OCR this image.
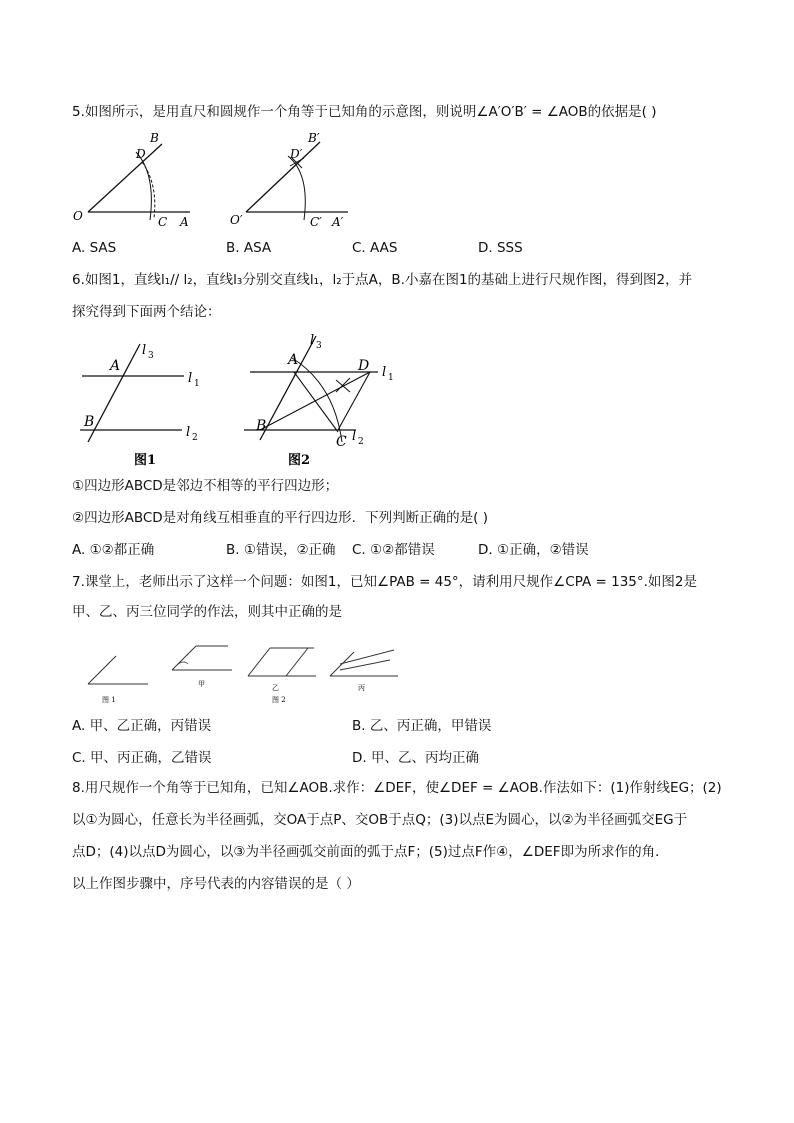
5.如图所示，是用直尺和圆规作一个角等于已知角的示意图，则说明∠A′O′B′ = ∠AOB的依据是( )
B
D
O	C A
B′
D′
O′	C′ A′
A. SAS	B. ASA	C. AAS	D. SSS
6.如图1，直线l₁// l₂，直线l₃分别交直线l₁，l₂于点A，B.小嘉在图1的基础上进行尺规作图，得到图2，并
探究得到下面两个结论：
A
B
l 3
l 1
l 2
图1
A
B
C
D
l 3
l 1
l 2
图2
①四边形ABCD是邻边不相等的平行四边形；
②四边形ABCD是对角线互相垂直的平行四边形．下列判断正确的是( )
A. ①②都正确	B. ①错误，②正确 C. ①②都错误	D. ①正确，②错误
7.课堂上，老师出示了这样一个问题：如图1，已知∠PAB = 45°，请利用尺规作∠CPA = 135°.如图2是
甲、乙、丙三位同学的作法，则其中正确的是
图 1
甲	乙
图 2
丙
A. 甲、乙正确，丙错误	B. 乙、丙正确，甲错误
C. 甲、丙正确，乙错误	D. 甲、乙、丙均正确
8.用尺规作一个角等于已知角，已知∠AOB.求作：∠DEF，使∠DEF = ∠AOB.作法如下：(1)作射线EG；(2)
以①为圆心，任意长为半径画弧，交OA于点P、交OB于点Q；(3)以点E为圆心，以②为半径画弧交EG于
点D；(4)以点D为圆心，以③为半径画弧交前面的弧于点F；(5)过点F作④，∠DEF即为所求作的角．
以上作图步骤中，序号代表的内容错误的是（ ）
